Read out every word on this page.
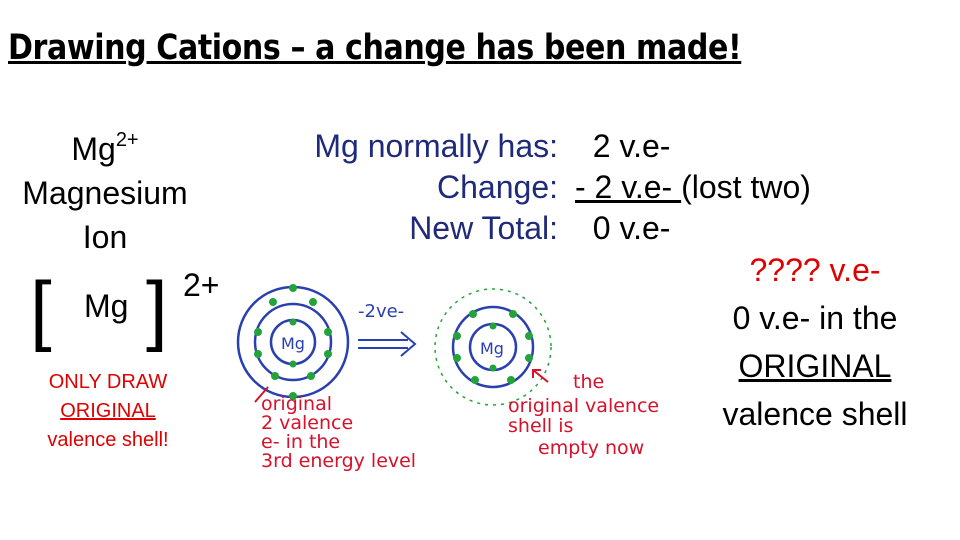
Drawing Cations – a change has been made!
$Mg^{2+}$
Magnesium
Ion
[ Mg ] 2+
ONLY DRAW
ORIGINAL
valence shell!
Mg normally has:
Change:
New Total:
2 v.e-
- 2 v.e- (lost two)
0 v.e-
???? v.e-
0 v.e- in the
ORIGINAL
valence shell
Mg
-2ve-
Mg
original
2 valence
e- in the
3rd energy level
the
original valence
shell is
empty now
